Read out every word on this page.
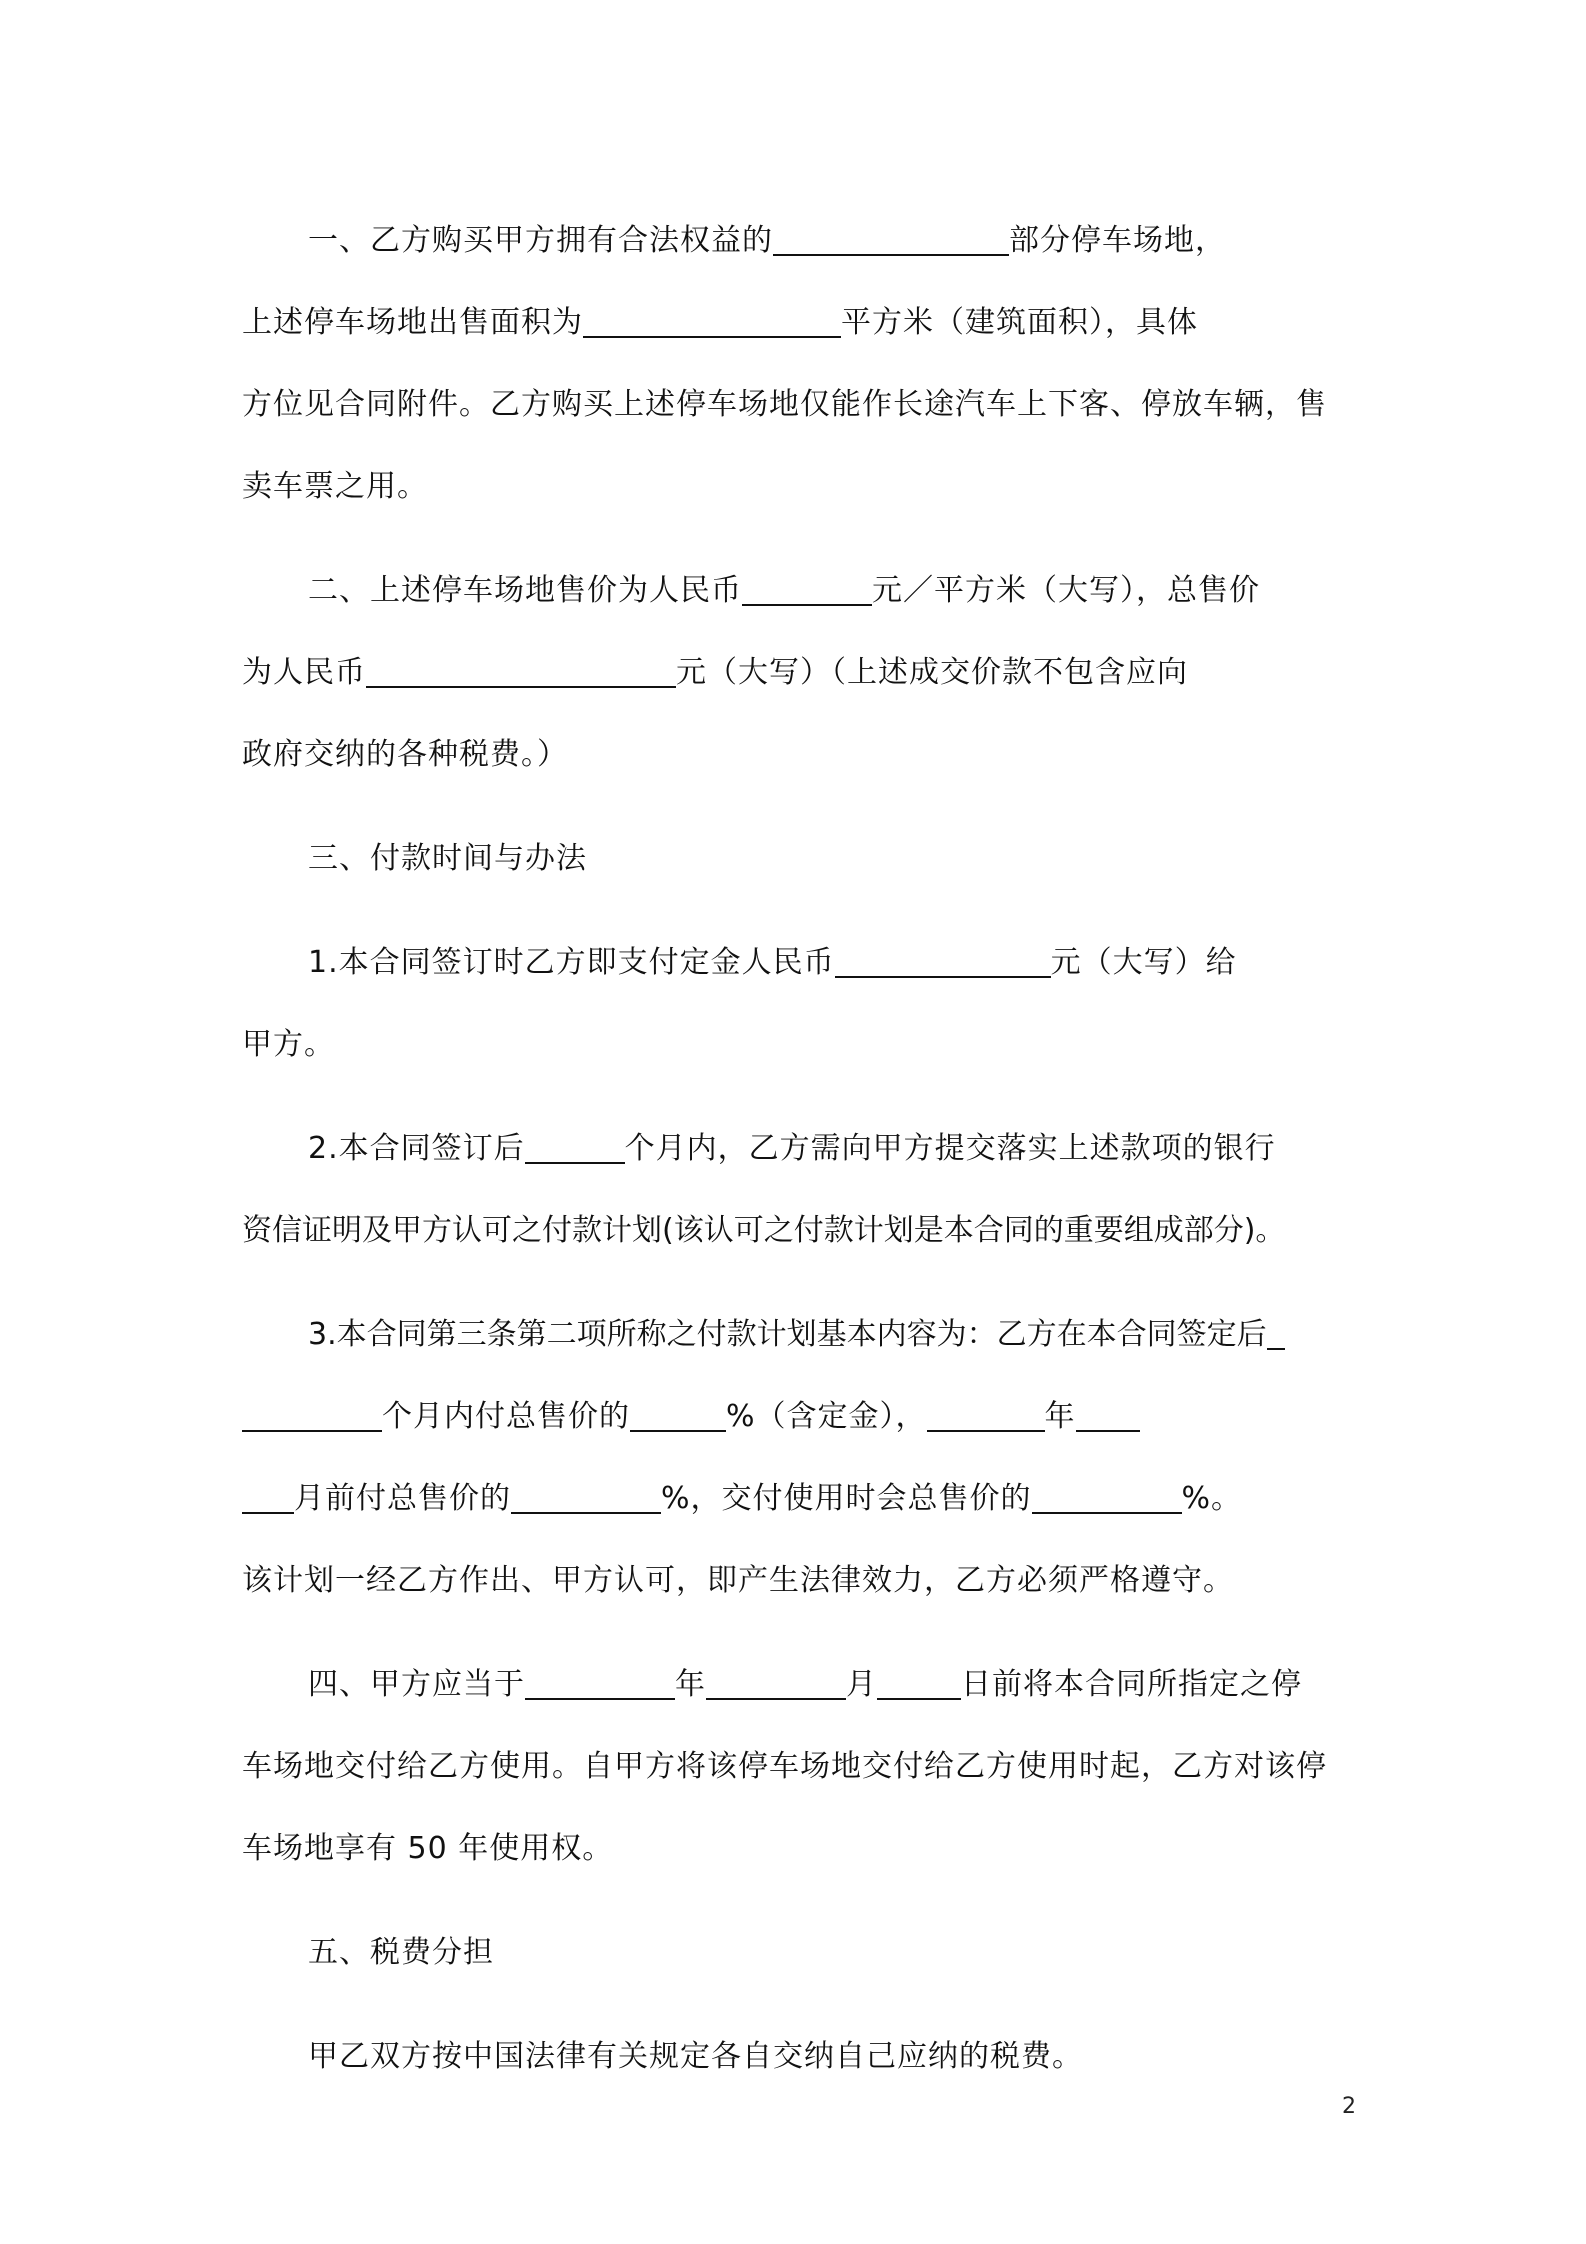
一、乙方购买甲方拥有合法权益的	部分停车场地，

上述停车场地出售面积为	平方米（建筑面积），具体

方位见合同附件。乙方购买上述停车场地仅能作长途汽车上下客、停放车辆，售

卖车票之用。

二、上述停车场地售价为人民币	元／平方米（大写），总售价

为人民币	元（大写）（上述成交价款不包含应向

政府交纳的各种税费。）

三、付款时间与办法

1.本合同签订时乙方即支付定金人民币	元（大写）给

甲方。

2.本合同签订后	个月内，乙方需向甲方提交落实上述款项的银行

资信证明及甲方认可之付款计划(该认可之付款计划是本合同的重要组成部分)。

3.本合同第三条第二项所称之付款计划基本内容为：乙方在本合同签定后

个月内付总售价的	%（含定金），	年

月前付总售价的	%，交付使用时会总售价的	%。

该计划一经乙方作出、甲方认可，即产生法律效力，乙方必须严格遵守。

四、甲方应当于	年	月	日前将本合同所指定之停

车场地交付给乙方使用。自甲方将该停车场地交付给乙方使用时起，乙方对该停

车场地享有 50 年使用权。

五、税费分担

甲乙双方按中国法律有关规定各自交纳自己应纳的税费。

2
